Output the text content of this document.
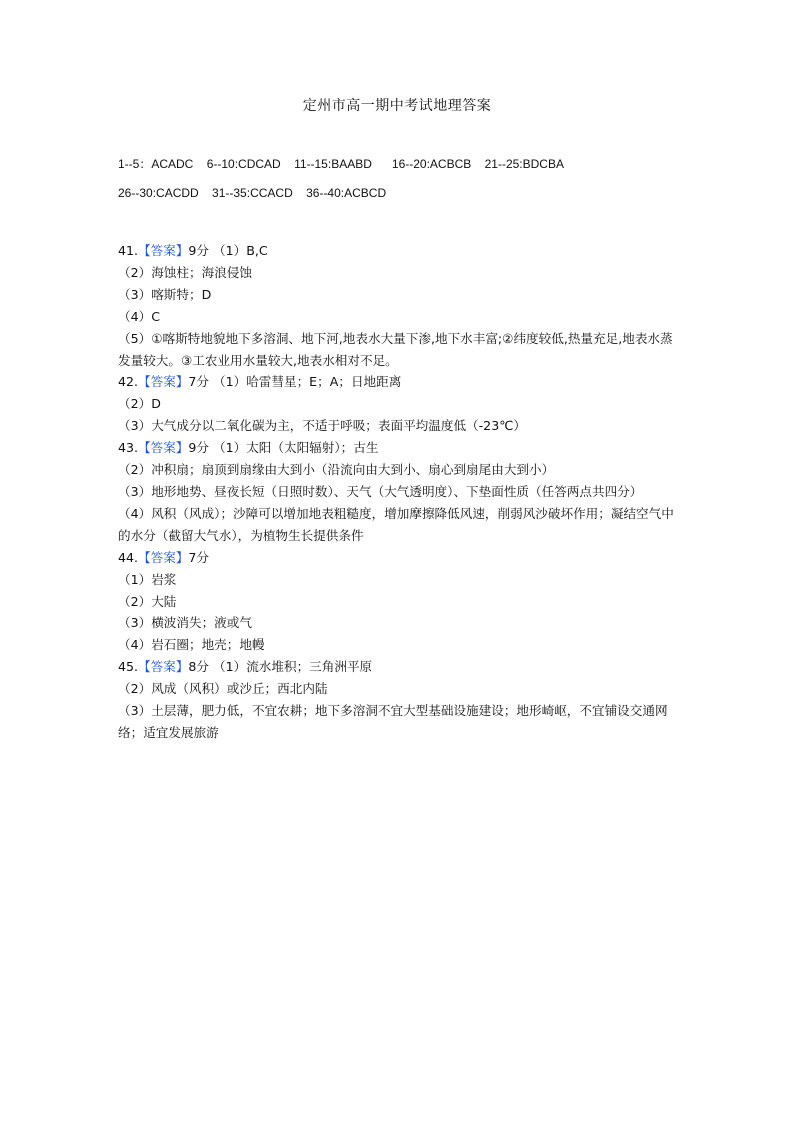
定州市高一期中考试地理答案
1--5：ACADC 6--10:CDCAD 11--15:BAABD 16--20:ACBCB 21--25:BDCBA
26--30:CACDD 31--35:CCACD 36--40:ACBCD

41.【答案】9分 （1）B,C

（2）海蚀柱；海浪侵蚀

（3）喀斯特；D

（4）C

（5）①喀斯特地貌地下多溶洞、地下河,地表水大量下渗,地下水丰富;②纬度较低,热量充足,地表水蒸发量较大。③工农业用水量较大,地表水相对不足。

42.【答案】7分 （1）哈雷彗星；E；A；日地距离

（2）D

（3）大气成分以二氧化碳为主，不适于呼吸；表面平均温度低（-23℃）

43.【答案】9分 （1）太阳（太阳辐射）；古生

（2）冲积扇；扇顶到扇缘由大到小（沿流向由大到小、扇心到扇尾由大到小）

（3）地形地势、昼夜长短（日照时数）、天气（大气透明度）、下垫面性质（任答两点共四分）

（4）风积（风成）；沙障可以增加地表粗糙度，增加摩擦降低风速，削弱风沙破坏作用；凝结空气中的水分（截留大气水），为植物生长提供条件

44.【答案】7分

（1）岩浆

（2）大陆

（3）横波消失；液或气

（4）岩石圈；地壳；地幔

45.【答案】8分 （1）流水堆积；三角洲平原

（2）风成（风积）或沙丘；西北内陆

（3）土层薄，肥力低，不宜农耕；地下多溶洞不宜大型基础设施建设；地形崎岖，不宜铺设交通网络；适宜发展旅游
